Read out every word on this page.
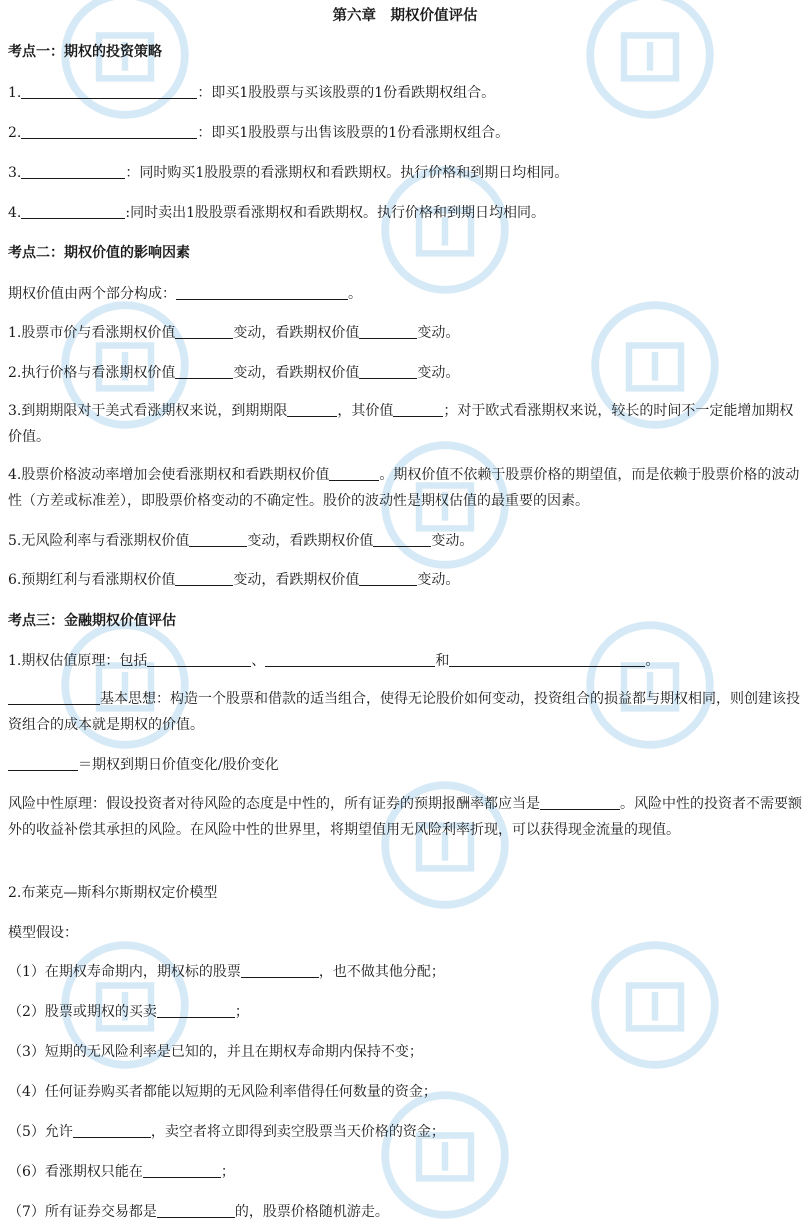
第六章　期权价值评估
考点一：期权的投资策略
1.	：即买1股股票与买该股票的1份看跌期权组合。
2.	：即买1股股票与出售该股票的1份看涨期权组合。
3.	：同时购买1股股票的看涨期权和看跌期权。执行价格和到期日均相同。
4.	:同时卖出1股股票看涨期权和看跌期权。执行价格和到期日均相同。
考点二：期权价值的影响因素
期权价值由两个部分构成：	。
1.股票市价与看涨期权价值	变动，看跌期权价值	变动。
2.执行价格与看涨期权价值	变动，看跌期权价值	变动。
3.到期期限对于美式看涨期权来说，到期期限	，其价值	；对于欧式看涨期权来说，较长的时间不一定能增加期权价值。
4.股票价格波动率增加会使看涨期权和看跌期权价值	。期权价值不依赖于股票价格的期望值，而是依赖于股票价格的波动性（方差或标准差），即股票价格变动的不确定性。股价的波动性是期权估值的最重要的因素。
5.无风险利率与看涨期权价值	变动，看跌期权价值	变动。
6.预期红利与看涨期权价值	变动，看跌期权价值	变动。
考点三：金融期权价值评估
1.期权估值原理：包括	、	和	。
基本思想：构造一个股票和借款的适当组合，使得无论股价如何变动，投资组合的损益都与期权相同，则创建该投资组合的成本就是期权的价值。
＝期权到期日价值变化/股价变化
风险中性原理：假设投资者对待风险的态度是中性的，所有证券的预期报酬率都应当是	。风险中性的投资者不需要额外的收益补偿其承担的风险。在风险中性的世界里，将期望值用无风险利率折现，可以获得现金流量的现值。
2.布莱克—斯科尔斯期权定价模型
模型假设：
（1）在期权寿命期内，期权标的股票	，也不做其他分配；
（2）股票或期权的买卖	；
（3）短期的无风险利率是已知的，并且在期权寿命期内保持不变；
（4）任何证券购买者都能以短期的无风险利率借得任何数量的资金；
（5）允许	，卖空者将立即得到卖空股票当天价格的资金；
（6）看涨期权只能在	；
（7）所有证券交易都是	的，股票价格随机游走。
